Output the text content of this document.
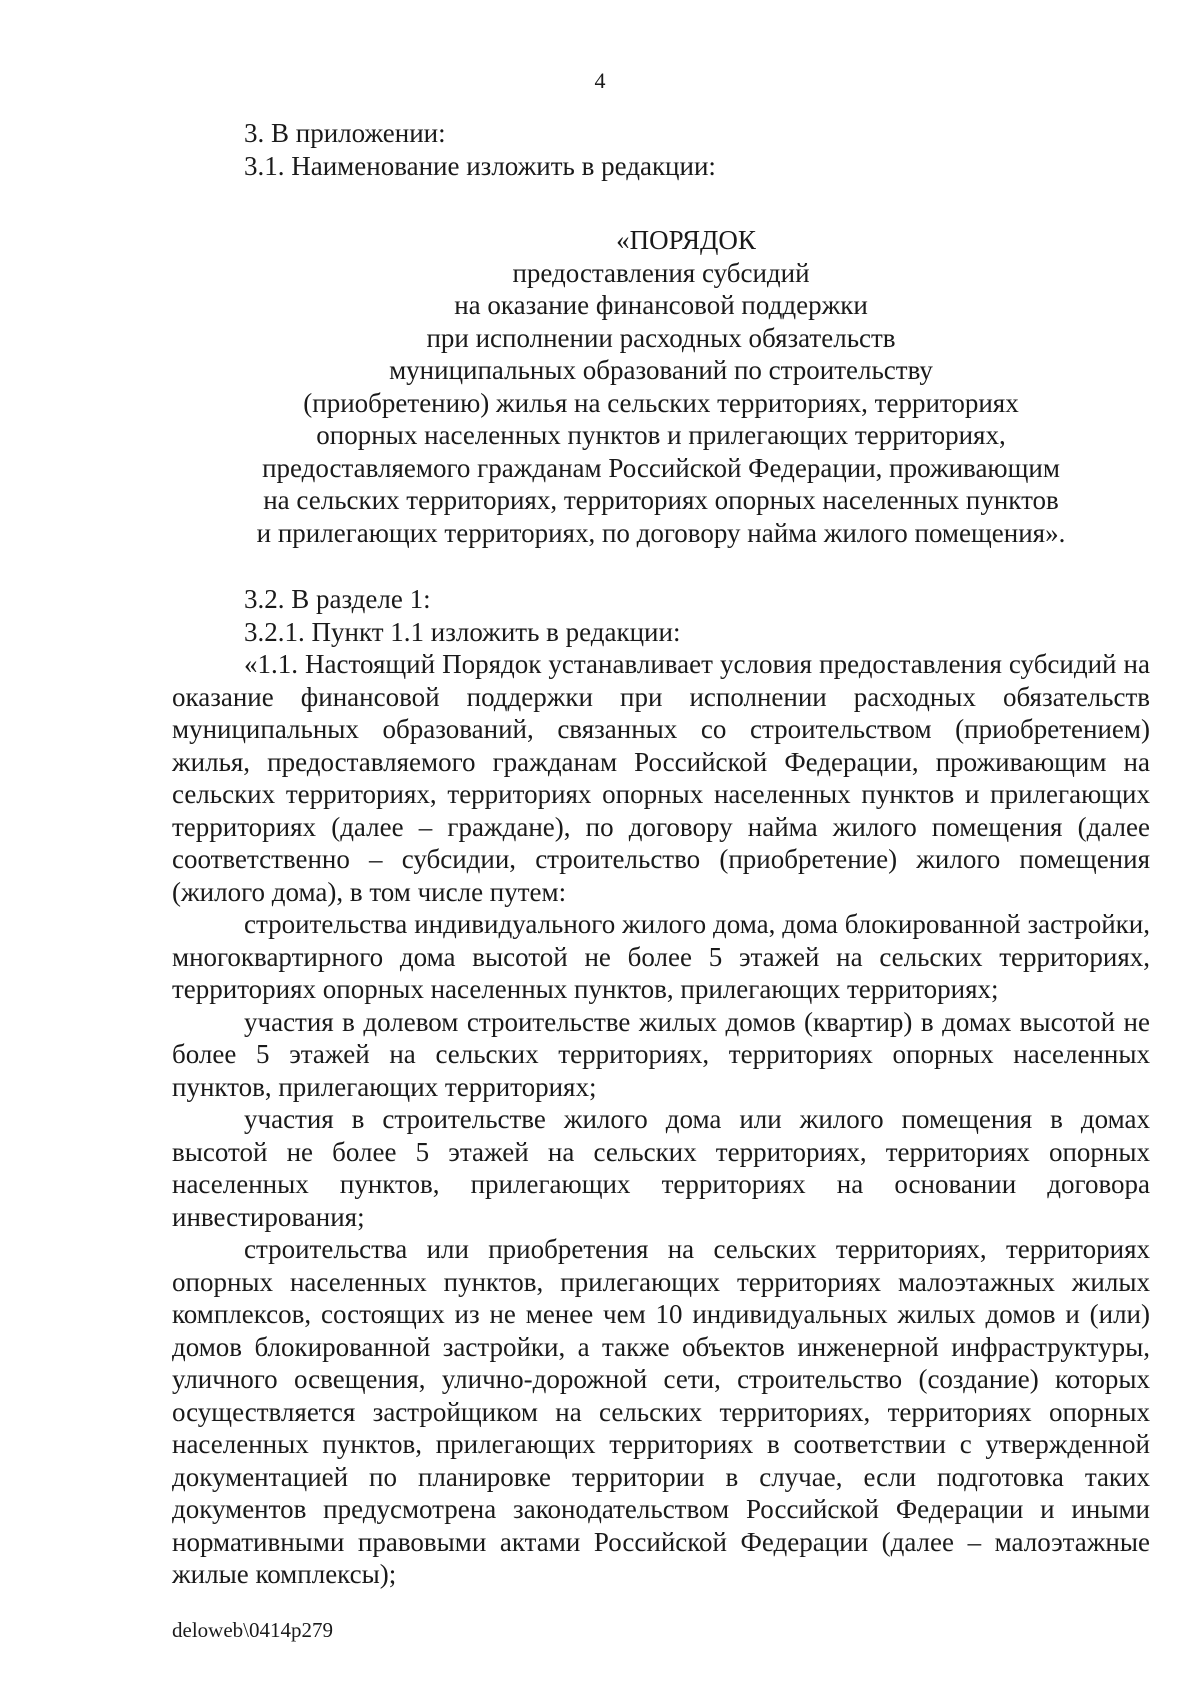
4

3. В приложении:

3.1. Наименование изложить в редакции:

«ПОРЯДОК
предоставления субсидий
на оказание финансовой поддержки
при исполнении расходных обязательств
муниципальных образований по строительству
(приобретению) жилья на сельских территориях, территориях
опорных населенных пунктов и прилегающих территориях,
предоставляемого гражданам Российской Федерации, проживающим
на сельских территориях, территориях опорных населенных пунктов
и прилегающих территориях, по договору найма жилого помещения».

3.2. В разделе 1:

3.2.1. Пункт 1.1 изложить в редакции:

«1.1. Настоящий Порядок устанавливает условия предоставления субсидий на оказание финансовой поддержки при исполнении расходных обязательств муниципальных образований, связанных со строительством (приобретением) жилья, предоставляемого гражданам Российской Федерации, проживающим на сельских территориях, территориях опорных населенных пунктов и прилегающих территориях (далее – граждане), по договору найма жилого помещения (далее соответственно – субсидии, строительство (приобретение) жилого помещения (жилого дома), в том числе путем:

строительства индивидуального жилого дома, дома блокированной застройки, многоквартирного дома высотой не более 5 этажей на сельских территориях, территориях опорных населенных пунктов, прилегающих территориях;

участия в долевом строительстве жилых домов (квартир) в домах высотой не более 5 этажей на сельских территориях, территориях опорных населенных пунктов, прилегающих территориях;

участия в строительстве жилого дома или жилого помещения в домах высотой не более 5 этажей на сельских территориях, территориях опорных населенных пунктов, прилегающих территориях на основании договора инвестирования;

строительства или приобретения на сельских территориях, территориях опорных населенных пунктов, прилегающих территориях малоэтажных жилых комплексов, состоящих из не менее чем 10 индивидуальных жилых домов и (или) домов блокированной застройки, а также объектов инженерной инфраструктуры, уличного освещения, улично-дорожной сети, строительство (создание) которых осуществляется застройщиком на сельских территориях, территориях опорных населенных пунктов, прилегающих территориях в соответствии с утвержденной документацией по планировке территории в случае, если подготовка таких документов предусмотрена законодательством Российской Федерации и иными нормативными правовыми актами Российской Федерации (далее – малоэтажные жилые комплексы);

deloweb\0414p279
